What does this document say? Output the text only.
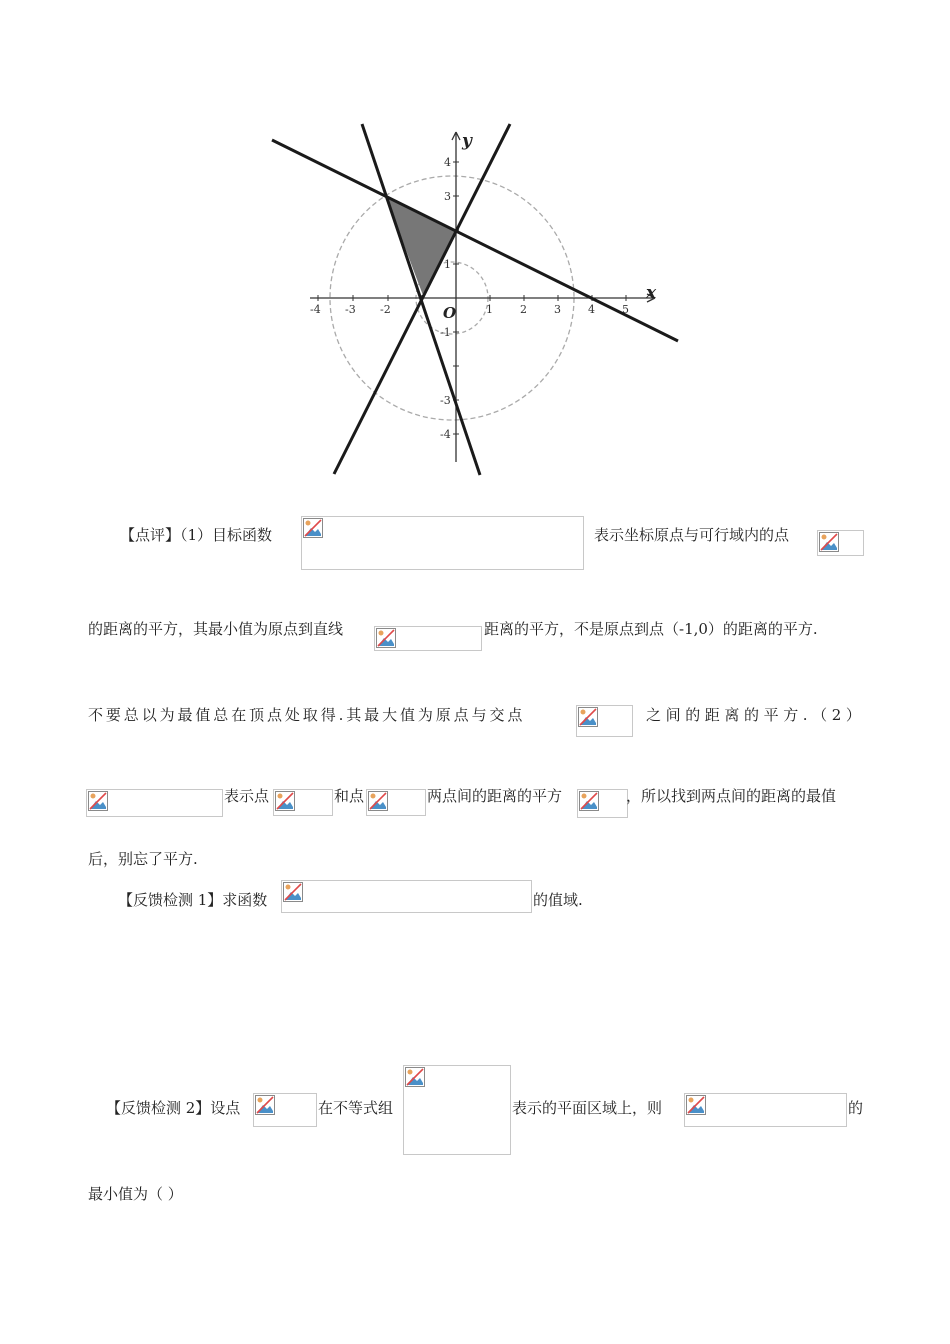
-4 -3 -2	1 2 3 4 5
4
3
1
-1
-3
-4
x
y
O
【点评】（1）目标函数	表示坐标原点与可行域内的点
的距离的平方，其最小值为原点到直线	距离的平方，不是原点到点（-1,0）的距离的平方.
不要总以为最值总在顶点处取得.其最大值为原点与交点	之间的距离的平方.（2）
表示点	和点	两点间的距离的平方	，所以找到两点间的距离的最值
后，别忘了平方.
【反馈检测 1】求函数	的值域.
【反馈检测 2】设点	在不等式组	表示的平面区域上，则	的
最小值为（ ）
